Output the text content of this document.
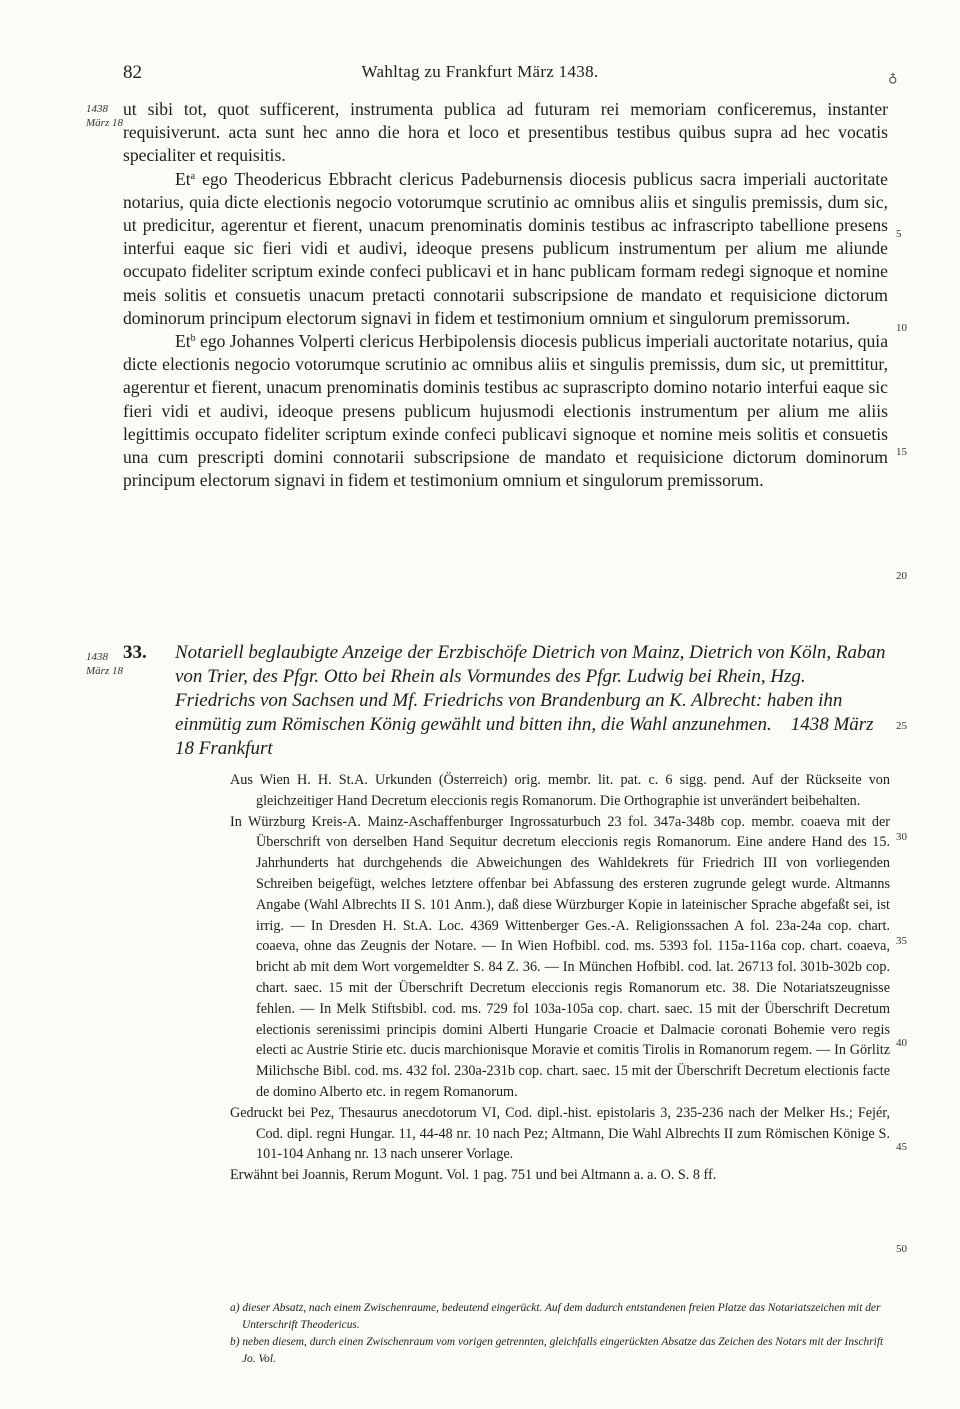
82	Wahltag zu Frankfurt März 1438.	♁
1438
März 18
1438
März 18
5
10
15
20
25
30
35
40
45
50

ut sibi tot, quot sufficerent, instrumenta publica ad futuram rei memoriam conficeremus, instanter requisiverunt. acta sunt hec anno die hora et loco et presentibus testibus quibus supra ad hec vocatis specialiter et requisitis.

Et$^a$ ego Theodericus Ebbracht clericus Padeburnensis diocesis publicus sacra imperiali auctoritate notarius, quia dicte electionis negocio votorumque scrutinio ac omnibus aliis et singulis premissis, dum sic, ut predicitur, agerentur et fierent, unacum prenominatis dominis testibus ac infrascripto tabellione presens interfui eaque sic fieri vidi et audivi, ideoque presens publicum instrumentum per alium me aliunde occupato fideliter scriptum exinde confeci publicavi et in hanc publicam formam redegi signoque et nomine meis solitis et consuetis unacum pretacti connotarii subscripsione de mandato et requisicione dictorum dominorum principum electorum signavi in fidem et testimonium omnium et singulorum premissorum.

Et$^b$ ego Johannes Volperti clericus Herbipolensis diocesis publicus imperiali auctoritate notarius, quia dicte electionis negocio votorumque scrutinio ac omnibus aliis et singulis premissis, dum sic, ut premittitur, agerentur et fierent, unacum prenominatis dominis testibus ac suprascripto domino notario interfui eaque sic fieri vidi et audivi, ideoque presens publicum hujusmodi electionis instrumentum per alium me aliis legittimis occupato fideliter scriptum exinde confeci publicavi signoque et nomine meis solitis et consuetis una cum prescripti domini connotarii subscripsione de mandato et requisicione dictorum dominorum principum electorum signavi in fidem et testimonium omnium et singulorum premissorum.

33.	Notariell beglaubigte Anzeige der Erzbischöfe Dietrich von Mainz, Dietrich von Köln, Raban von Trier, des Pfgr. Otto bei Rhein als Vormundes des Pfgr. Ludwig bei Rhein, Hzg. Friedrichs von Sachsen und Mf. Friedrichs von Brandenburg an K. Albrecht: haben ihn einmütig zum Römischen König gewählt und bitten ihn, die Wahl anzunehmen. 1438 März 18 Frankfurt

Aus Wien H. H. St.A. Urkunden (Österreich) orig. membr. lit. pat. c. 6 sigg. pend. Auf der Rückseite von gleichzeitiger Hand Decretum eleccionis regis Romanorum. Die Orthographie ist unverändert beibehalten.

In Würzburg Kreis-A. Mainz-Aschaffenburger Ingrossaturbuch 23 fol. 347a-348b cop. membr. coaeva mit der Überschrift von derselben Hand Sequitur decretum eleccionis regis Romanorum. Eine andere Hand des 15. Jahrhunderts hat durchgehends die Abweichungen des Wahldekrets für Friedrich III von vorliegenden Schreiben beigefügt, welches letztere offenbar bei Abfassung des ersteren zugrunde gelegt wurde. Altmanns Angabe (Wahl Albrechts II S. 101 Anm.), daß diese Würzburger Kopie in lateinischer Sprache abgefaßt sei, ist irrig. — In Dresden H. St.A. Loc. 4369 Wittenberger Ges.-A. Religionssachen A fol. 23a-24a cop. chart. coaeva, ohne das Zeugnis der Notare. — In Wien Hofbibl. cod. ms. 5393 fol. 115a-116a cop. chart. coaeva, bricht ab mit dem Wort vorgemeldter S. 84 Z. 36. — In München Hofbibl. cod. lat. 26713 fol. 301b-302b cop. chart. saec. 15 mit der Überschrift Decretum eleccionis regis Romanorum etc. 38. Die Notariatszeugnisse fehlen. — In Melk Stiftsbibl. cod. ms. 729 fol 103a-105a cop. chart. saec. 15 mit der Überschrift Decretum electionis serenissimi principis domini Alberti Hungarie Croacie et Dalmacie coronati Bohemie vero regis electi ac Austrie Stirie etc. ducis marchionisque Moravie et comitis Tirolis in Romanorum regem. — In Görlitz Milichsche Bibl. cod. ms. 432 fol. 230a-231b cop. chart. saec. 15 mit der Überschrift Decretum electionis facte de domino Alberto etc. in regem Romanorum.

Gedruckt bei Pez, Thesaurus anecdotorum VI, Cod. dipl.-hist. epistolaris 3, 235-236 nach der Melker Hs.; Fejér, Cod. dipl. regni Hungar. 11, 44-48 nr. 10 nach Pez; Altmann, Die Wahl Albrechts II zum Römischen Könige S. 101-104 Anhang nr. 13 nach unserer Vorlage.

Erwähnt bei Joannis, Rerum Mogunt. Vol. 1 pag. 751 und bei Altmann a. a. O. S. 8 ff.

a) dieser Absatz, nach einem Zwischenraume, bedeutend eingerückt. Auf dem dadurch entstandenen freien Platze das Notariatszeichen mit der Unterschrift Theodericus.

b) neben diesem, durch einen Zwischenraum vom vorigen getrennten, gleichfalls eingerückten Absatze das Zeichen des Notars mit der Inschrift Jo. Vol.
